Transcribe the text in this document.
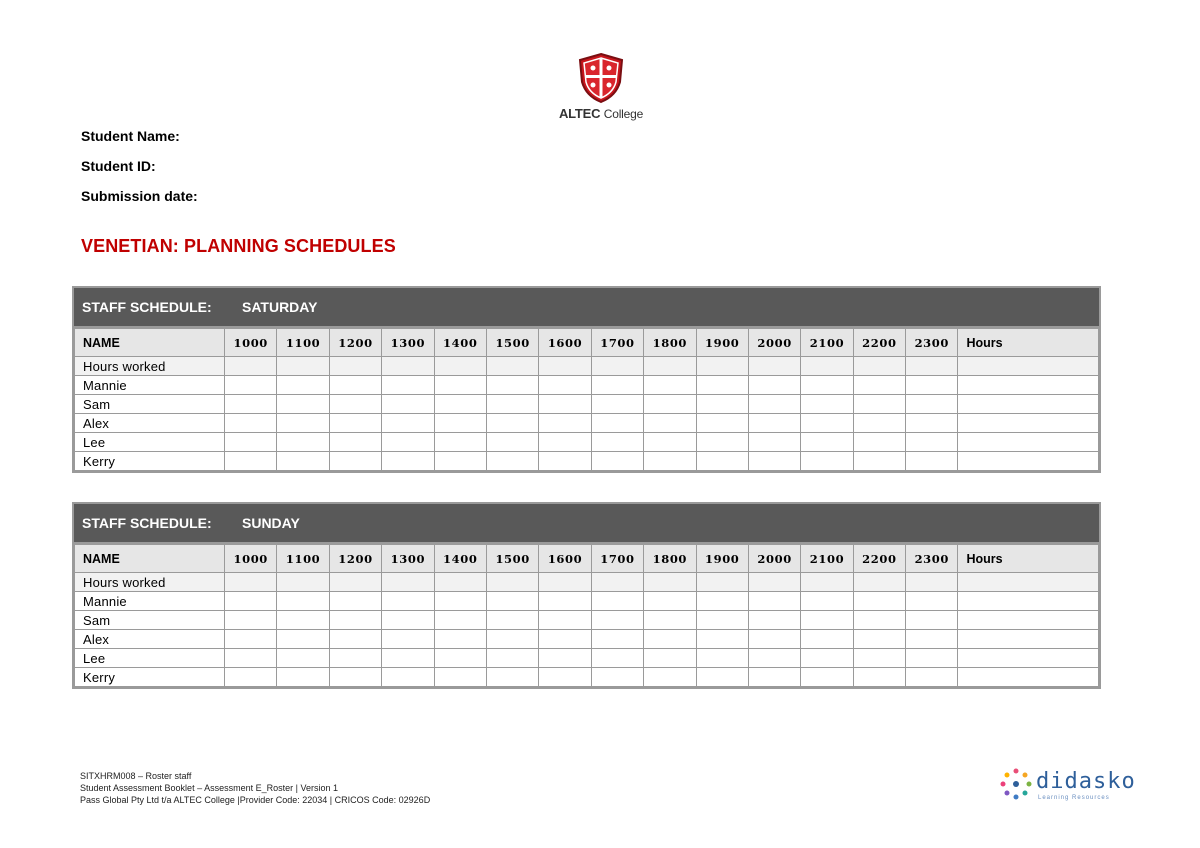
ALTEC College
Student Name:
Student ID:
Submission date:
VENETIAN: PLANNING SCHEDULES
STAFF SCHEDULE:	SATURDAY
NAME	1000	1100	1200	1300	1400	1500	1600	1700	1800	1900	2000	2100	2200	2300	Hours
Hours worked															
Mannie															
Sam															
Alex															
Lee															
Kerry															
STAFF SCHEDULE:	SUNDAY
NAME	1000	1100	1200	1300	1400	1500	1600	1700	1800	1900	2000	2100	2200	2300	Hours
Hours worked															
Mannie															
Sam															
Alex															
Lee															
Kerry															
SITXHRM008 – Roster staff
Student Assessment Booklet – Assessment E_Roster | Version 1
Pass Global Pty Ltd t/a ALTEC College |Provider Code: 22034 | CRICOS Code: 02926D
didasko
Learning Resources
